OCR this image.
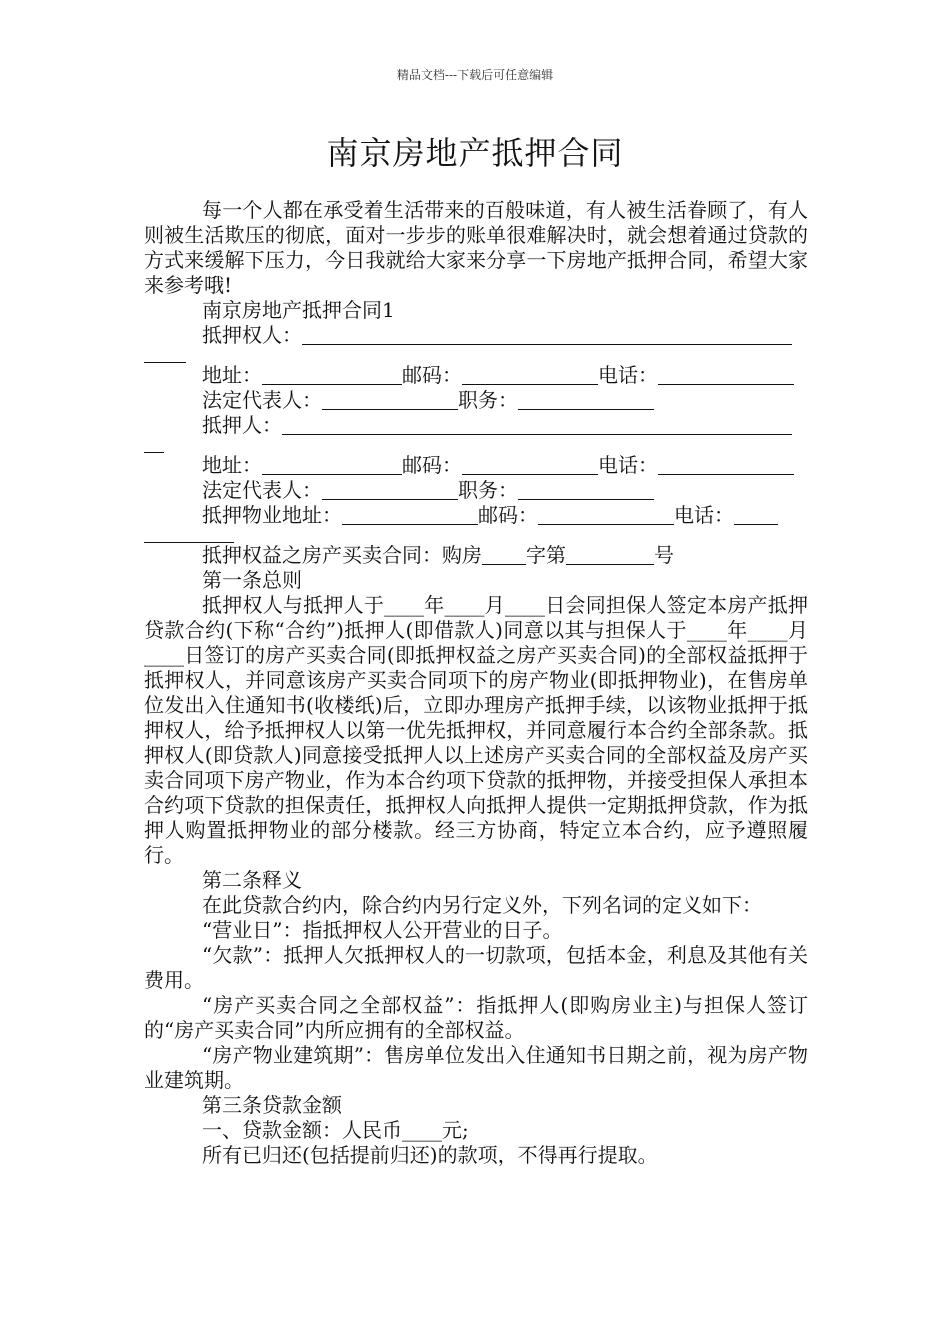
精品文档---下载后可任意编辑
南京房地产抵押合同

每一个人都在承受着生活带来的百般味道，有人被生活眷顾了，有人则被生活欺压的彻底，面对一步步的账单很难解决时，就会想着通过贷款的方式来缓解下压力，今日我就给大家来分享一下房地产抵押合同，希望大家来参考哦!

南京房地产抵押合同1

抵押权人：

地址：	邮码：	电话：

法定代表人：	职务：

抵押人：

地址：	邮码：	电话：

法定代表人：	职务：

抵押物业地址：	邮码：	电话：

抵押权益之房产买卖合同：购房 字第	号

第一条总则

抵押权人与抵押人于____年____月____日会同担保人签定本房产抵押贷款合约(下称“合约”)抵押人(即借款人)同意以其与担保人于____年____月____日签订的房产买卖合同(即抵押权益之房产买卖合同)的全部权益抵押于抵押权人，并同意该房产买卖合同项下的房产物业(即抵押物业)，在售房单位发出入住通知书(收楼纸)后，立即办理房产抵押手续，以该物业抵押于抵押权人，给予抵押权人以第一优先抵押权，并同意履行本合约全部条款。抵押权人(即贷款人)同意接受抵押人以上述房产买卖合同的全部权益及房产买卖合同项下房产物业，作为本合约项下贷款的抵押物，并接受担保人承担本合约项下贷款的担保责任，抵押权人向抵押人提供一定期抵押贷款，作为抵押人购置抵押物业的部分楼款。经三方协商，特定立本合约，应予遵照履行。

第二条释义

在此贷款合约内，除合约内另行定义外，下列名词的定义如下：

“营业日”：指抵押权人公开营业的日子。

“欠款”：抵押人欠抵押权人的一切款项，包括本金，利息及其他有关费用。

“房产买卖合同之全部权益”：指抵押人(即购房业主)与担保人签订的“房产买卖合同”内所应拥有的全部权益。

“房产物业建筑期”：售房单位发出入住通知书日期之前，视为房产物业建筑期。

第三条贷款金额

一、贷款金额：人民币____元;

所有已归还(包括提前归还)的款项，不得再行提取。
